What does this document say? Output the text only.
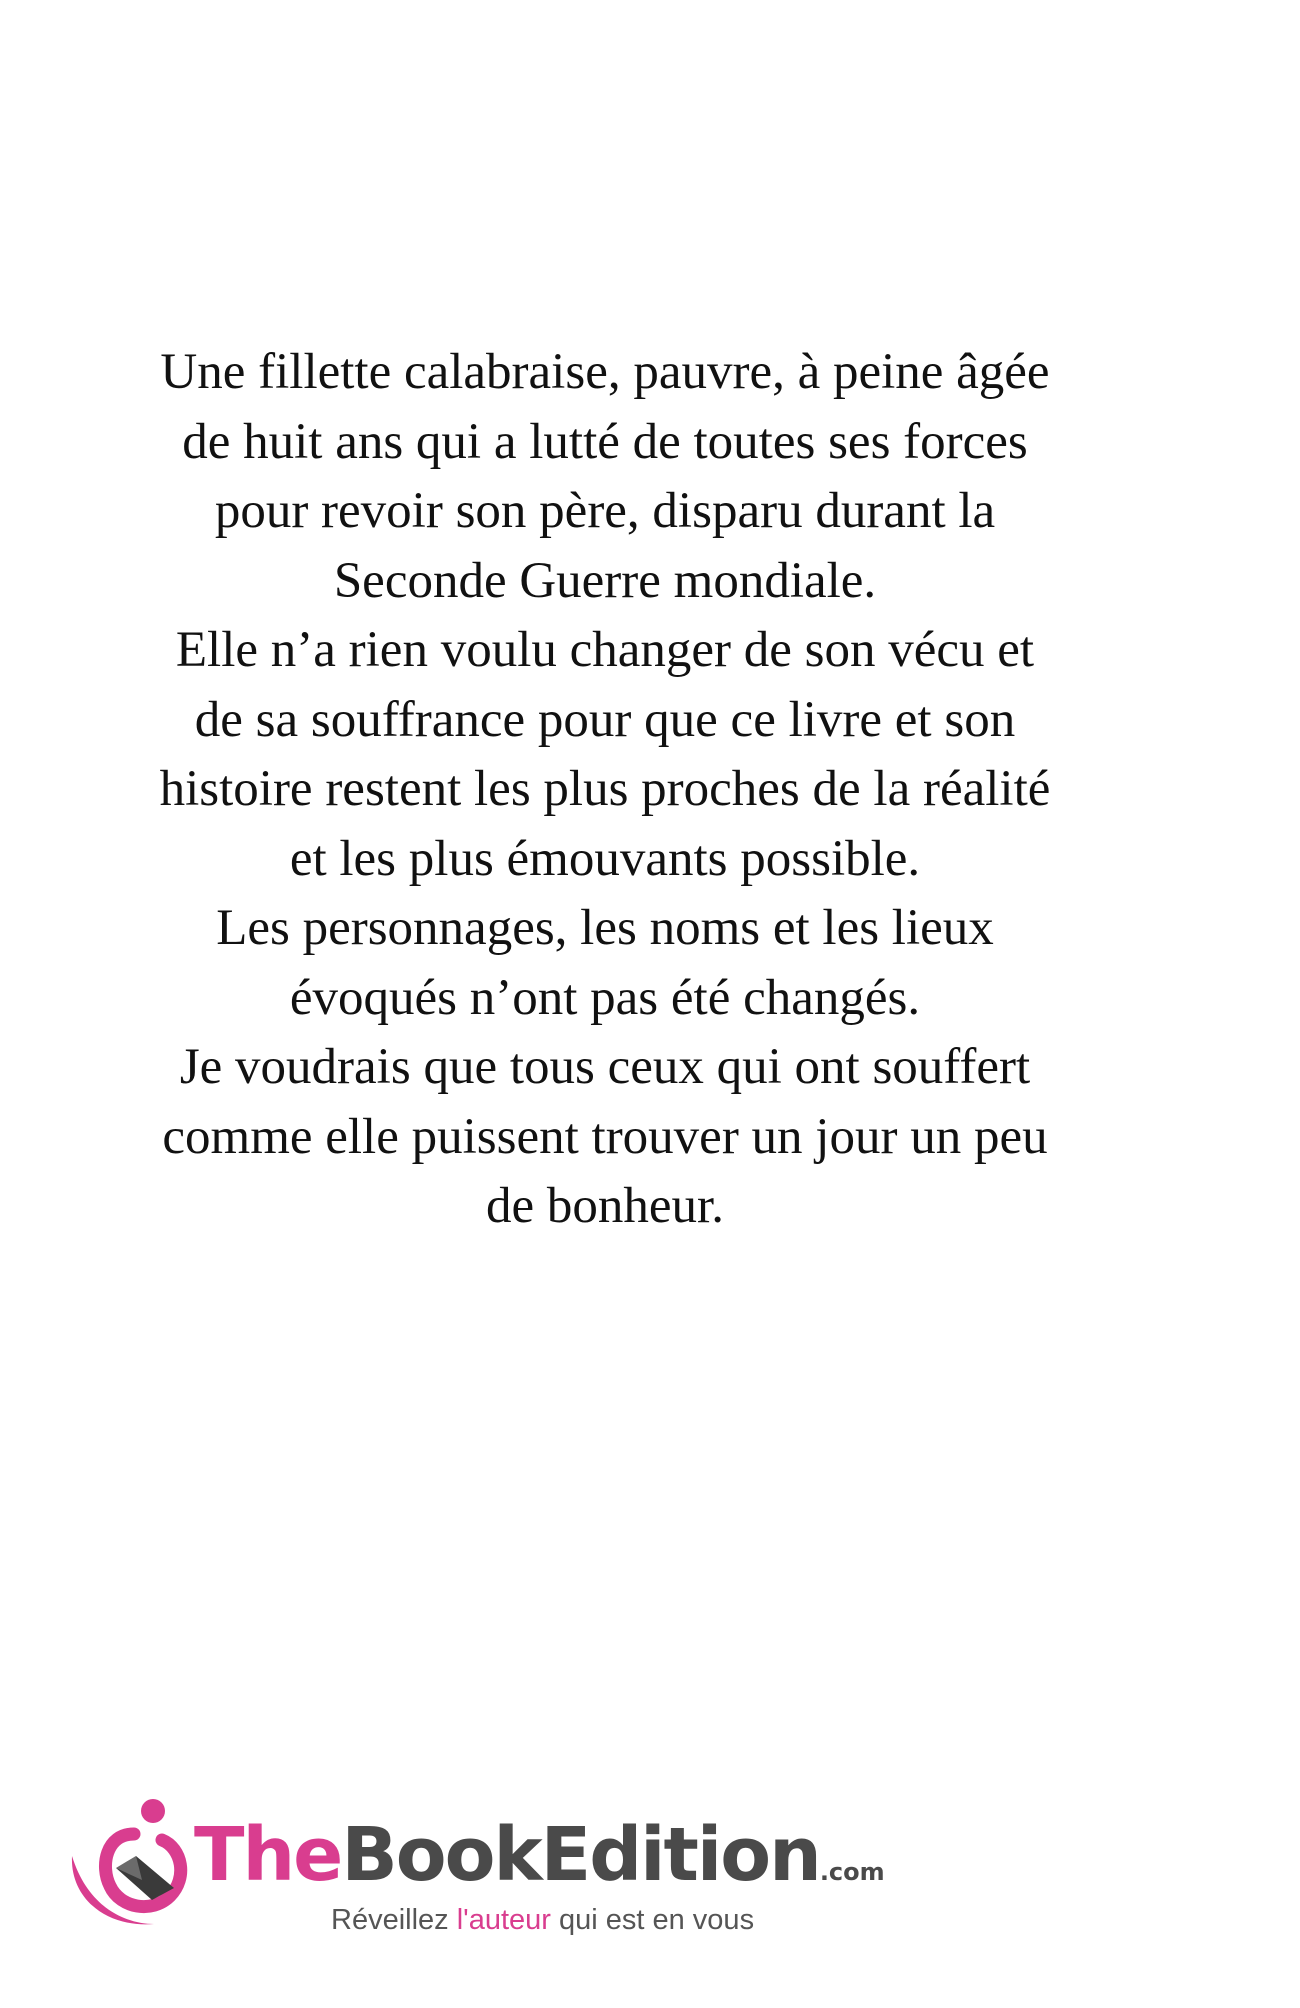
Une fillette calabraise, pauvre, à peine âgée
de huit ans qui a lutté de toutes ses forces
pour revoir son père, disparu durant la
Seconde Guerre mondiale.
Elle n’a rien voulu changer de son vécu et
de sa souffrance pour que ce livre et son
histoire restent les plus proches de la réalité
et les plus émouvants possible.
Les personnages, les noms et les lieux
évoqués n’ont pas été changés.
Je voudrais que tous ceux qui ont souffert
comme elle puissent trouver un jour un peu
de bonheur.
TheBookEdition.com
Réveillez l'auteur qui est en vous
